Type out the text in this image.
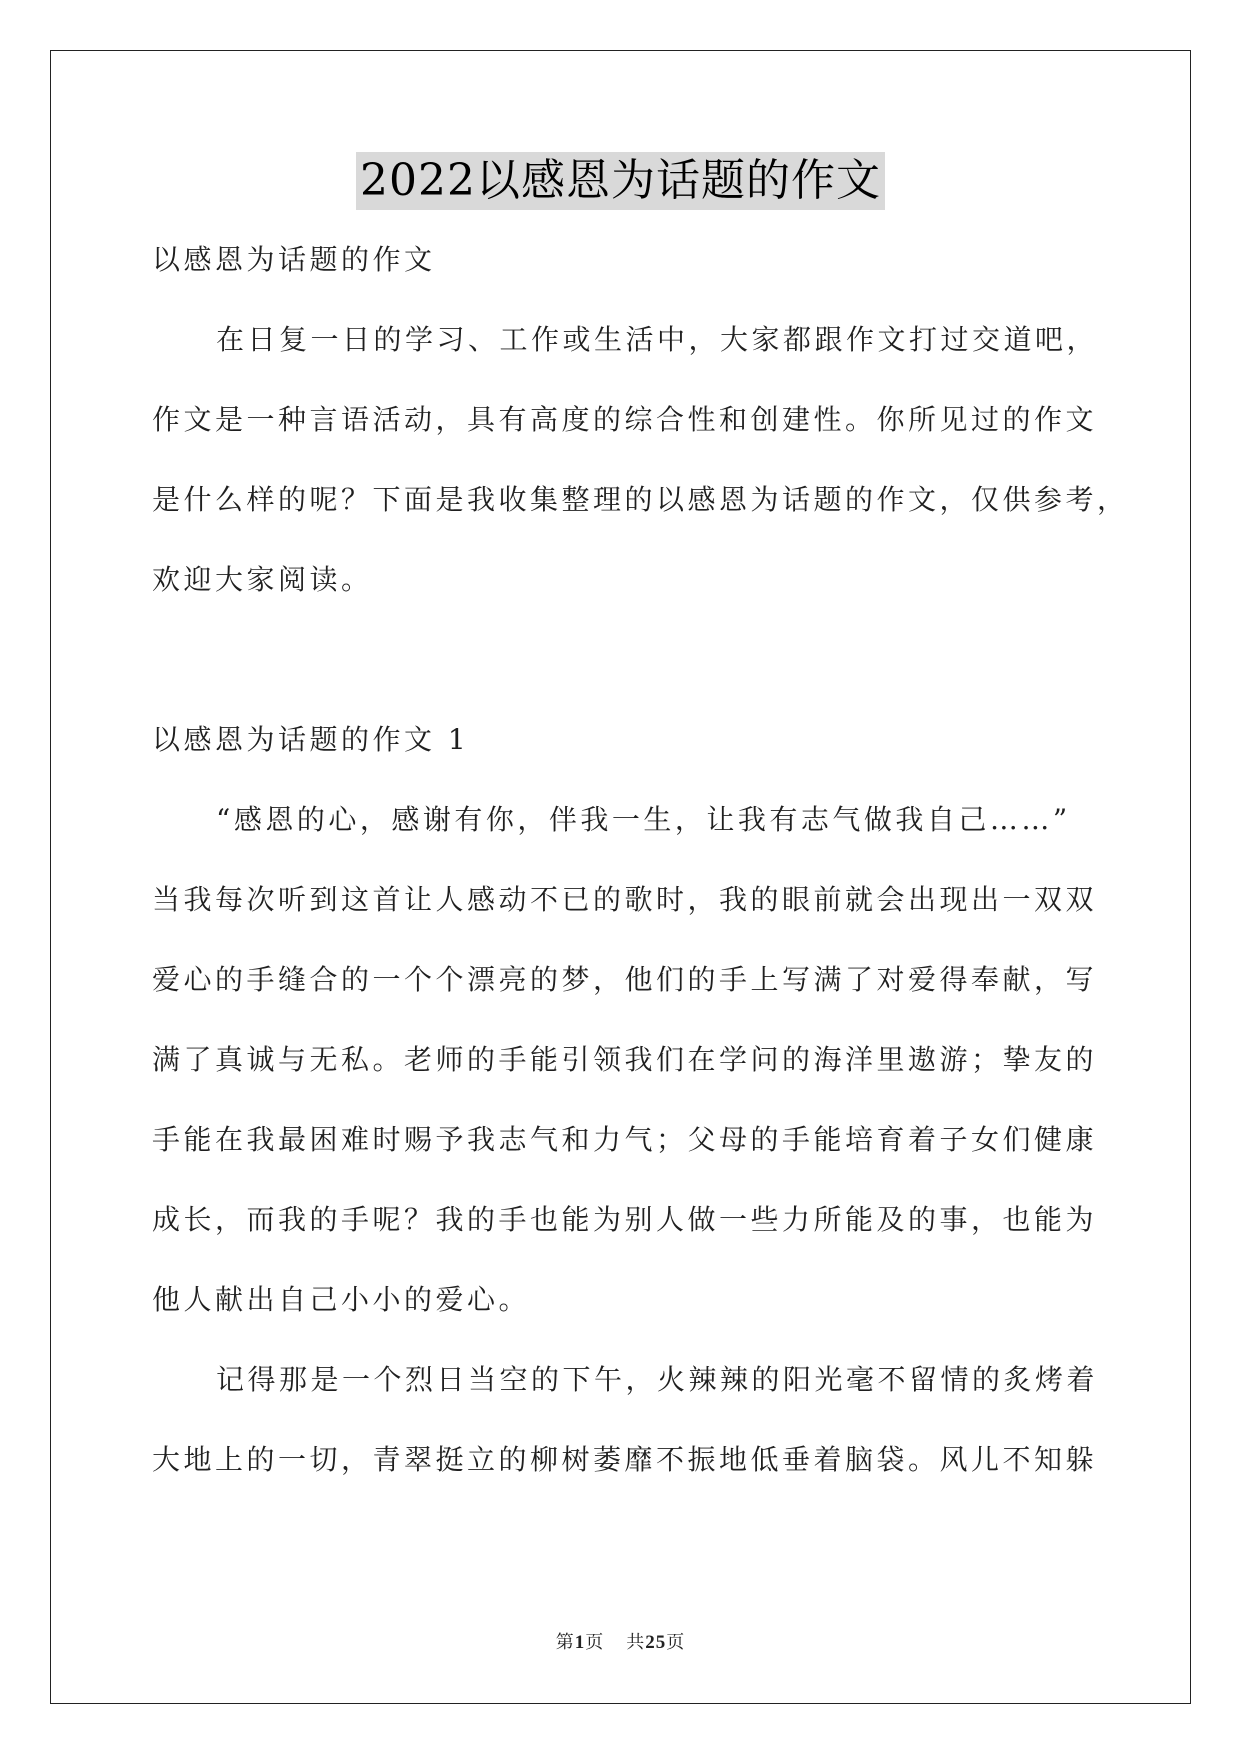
2022以感恩为话题的作文
以感恩为话题的作文
在日复一日的学习、工作或生活中，大家都跟作文打过交道吧，
作文是一种言语活动，具有高度的综合性和创建性。你所见过的作文
是什么样的呢？下面是我收集整理的以感恩为话题的作文，仅供参考，
欢迎大家阅读。
以感恩为话题的作文 1
“感恩的心，感谢有你，伴我一生，让我有志气做我自己……”
当我每次听到这首让人感动不已的歌时，我的眼前就会出现出一双双
爱心的手缝合的一个个漂亮的梦，他们的手上写满了对爱得奉献，写
满了真诚与无私。老师的手能引领我们在学问的海洋里遨游；挚友的
手能在我最困难时赐予我志气和力气；父母的手能培育着子女们健康
成长，而我的手呢？我的手也能为别人做一些力所能及的事，也能为
他人献出自己小小的爱心。
记得那是一个烈日当空的下午，火辣辣的阳光毫不留情的炙烤着
大地上的一切，青翠挺立的柳树萎靡不振地低垂着脑袋。风儿不知躲
第1页 共25页
